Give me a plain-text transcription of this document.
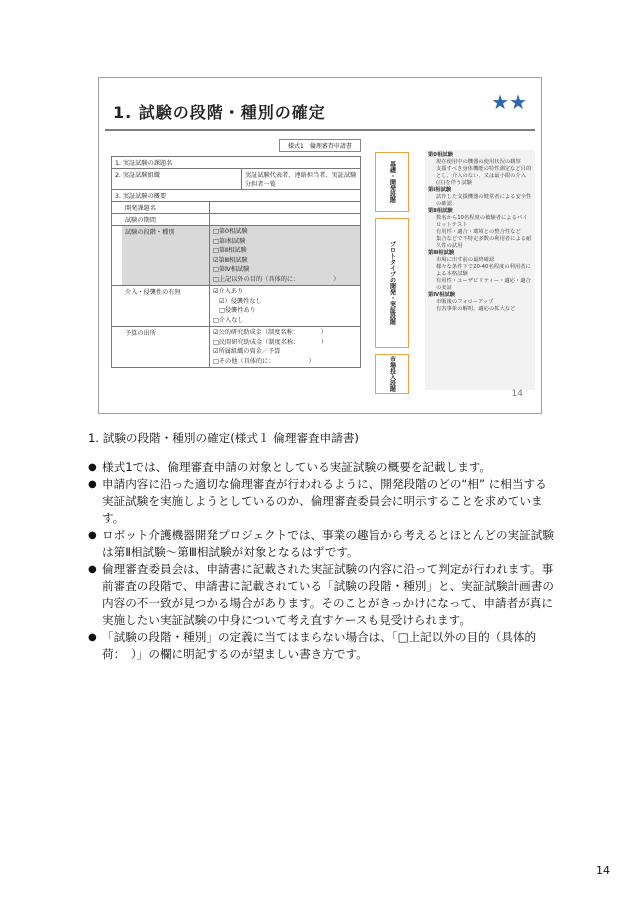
1. 試験の段階・種別の確定	★★
様式1　倫理審査申請書
1. 実証試験の課題名
2. 実証試験組織	実証試験代表者、連絡担当者、実証試験分担者一覧
3. 実証試験の概要
開発課題名
試験の期間
試験の段階・種別	□第0相試験
□第Ⅰ相試験
□第Ⅱ相試験
☑第Ⅲ相試験
□第Ⅳ相試験
□上記以外の目的（具体的に：　　　　　　）
介入・侵襲性の有無	☑介入あり
☑）侵襲性なし
□侵襲性あり
□介入なし
予算の出所	☑公的研究助成金（制度名称：　　　　）
□民間研究助成金（制度名称：　　　　）
☑所属組織の資金／予算
□その他（具体的に：　　　　　　）
基礎・開発段階
プロトタイプの開発・実証段階
市場投入段階
第0相試験
現在使用中の機器の使用状況の観察
支援すべき身体機能の特性測定など目的とし、介入のない、又は最小限の介入(注)を伴う試験
第Ⅰ相試験
試作した支援機器の健常者による安全性の確認
第Ⅱ相試験
数名から10名程度の被験者によるパイロットテスト
有用性・適合・環境との整合性など
集合などで不特定多数の利用者による耐久性の試用
第Ⅲ相試験
市場に出す前の最終確認
様々な条件下で20-40名程度の利用者による本格試験
有用性・ユーザビリティー・適応・適合の実証
第Ⅳ相試験
市販後のフォローアップ
有害事象の解明、適応の拡大など
14
1. 試験の段階・種別の確定(様式１ 倫理審査申請書)
● 様式1では、倫理審査申請の対象としている実証試験の概要を記載します。
● 申請内容に沿った適切な倫理審査が行われるように、開発段階のどの“相” に相当する実証試験を実施しようとしているのか、倫理審査委員会に明示することを求めています。
● ロボット介護機器開発プロジェクトでは、事業の趣旨から考えるとほとんどの実証試験は第Ⅱ相試験～第Ⅲ相試験が対象となるはずです。
● 倫理審査委員会は、申請書に記載された実証試験の内容に沿って判定が行われます。事前審査の段階で、申請書に記載されている「試験の段階・種別」と、実証試験計画書の内容の不一致が見つかる場合があります。そのことがきっかけになって、申請者が真に実施したい実証試験の中身について考え直すケースも見受けられます。
● 「試験の段階・種別」の定義に当てはまらない場合は、「□上記以外の目的（具体的荷：　）」の欄に明記するのが望ましい書き方です。
14
